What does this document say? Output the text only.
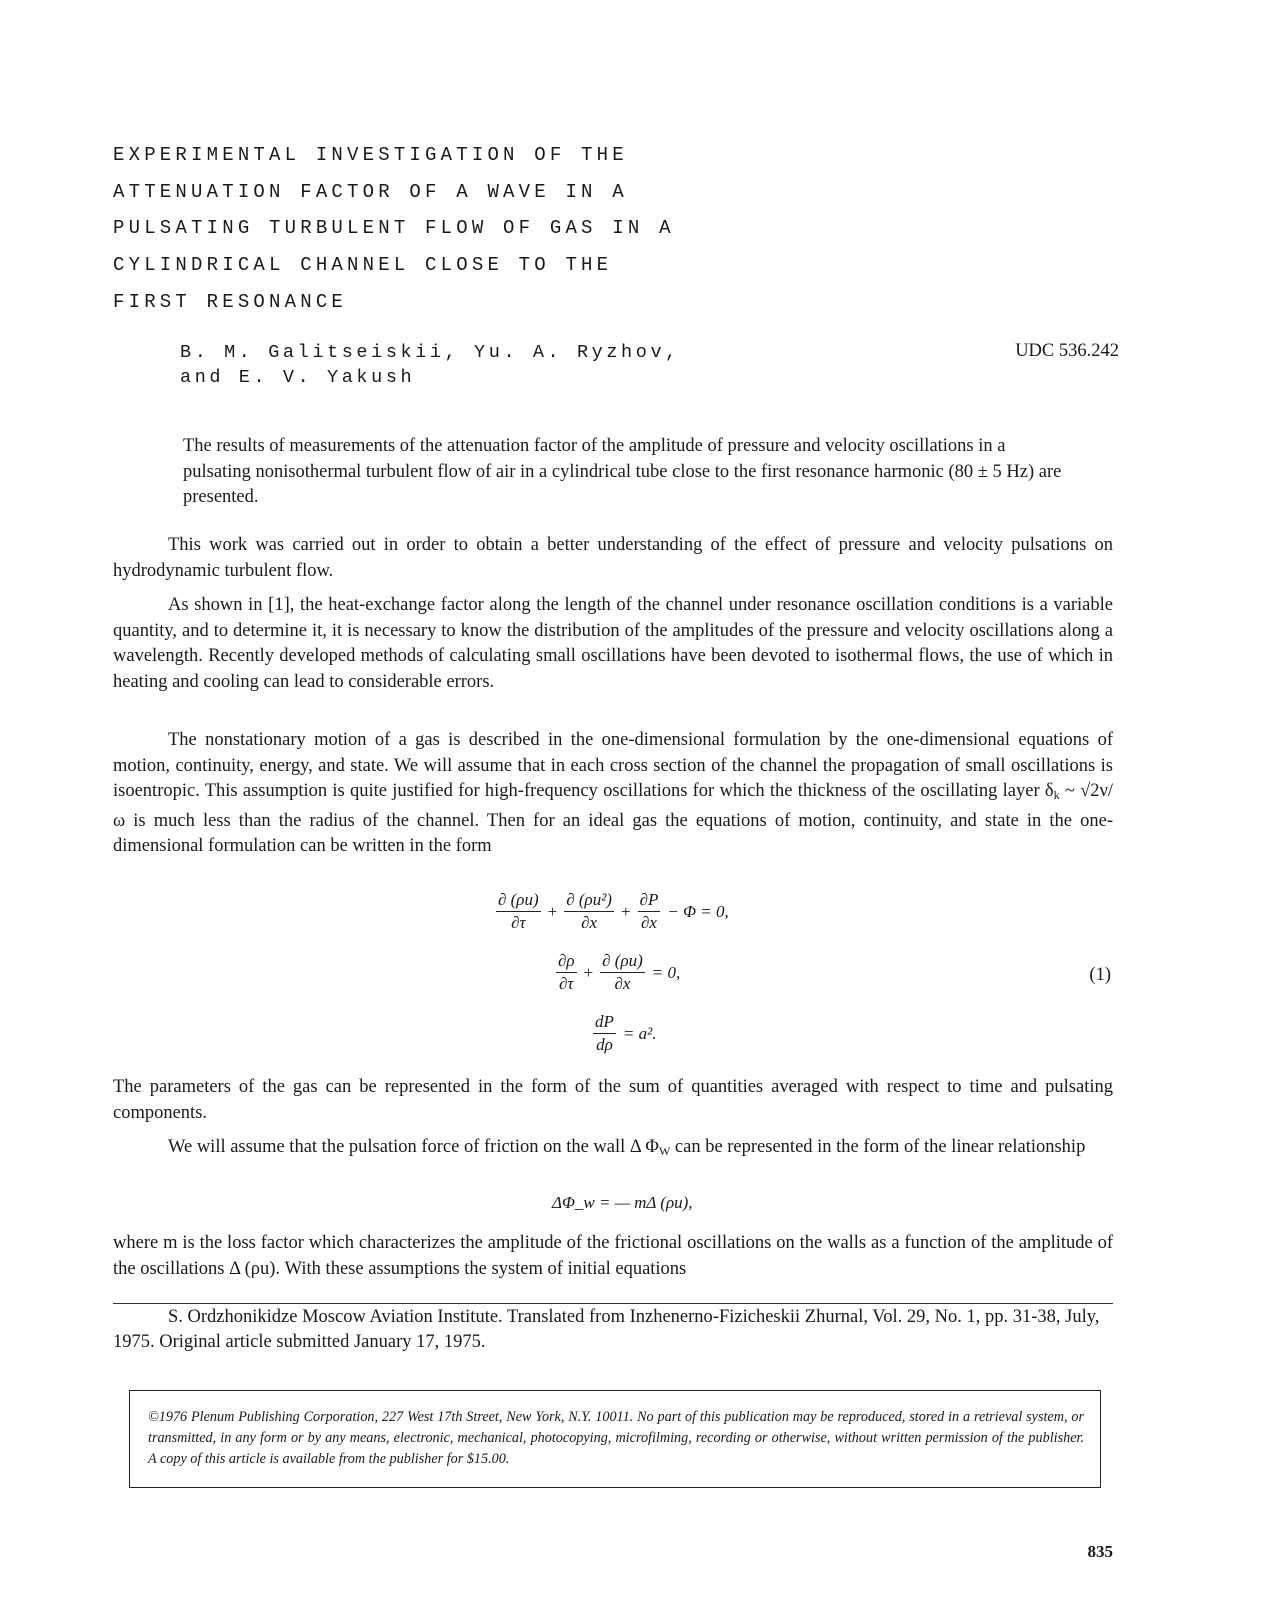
EXPERIMENTAL INVESTIGATION OF THE
ATTENUATION FACTOR OF A WAVE IN A
PULSATING TURBULENT FLOW OF GAS IN A
CYLINDRICAL CHANNEL CLOSE TO THE
FIRST RESONANCE
B. M. Galitseiskii, Yu. A. Ryzhov,
and E. V. Yakush
UDC 536.242
The results of measurements of the attenuation factor of the amplitude of pressure and velocity oscillations in a pulsating nonisothermal turbulent flow of air in a cylindrical tube close to the first resonance harmonic (80 ± 5 Hz) are presented.
This work was carried out in order to obtain a better understanding of the effect of pressure and velocity pulsations on hydrodynamic turbulent flow.
As shown in [1], the heat-exchange factor along the length of the channel under resonance oscillation conditions is a variable quantity, and to determine it, it is necessary to know the distribution of the amplitudes of the pressure and velocity oscillations along a wavelength. Recently developed methods of calculating small oscillations have been devoted to isothermal flows, the use of which in heating and cooling can lead to considerable errors.
The nonstationary motion of a gas is described in the one-dimensional formulation by the one-dimensional equations of motion, continuity, energy, and state. We will assume that in each cross section of the channel the propagation of small oscillations is isoentropic. This assumption is quite justified for high-frequency oscillations for which the thickness of the oscillating layer $\delta_k$ ~ √2ν/ω is much less than the radius of the channel. Then for an ideal gas the equations of motion, continuity, and state in the one-dimensional formulation can be written in the form
$\frac{\partial (\rho u)}{\partial\tau} + \frac{\text{∂ (ρu²)}}{\partial x} + \frac{\partial P}{\partial x} - \Phi = 0$,
$\frac{\partial\rho}{\partial\tau} + \frac{\partial (\rho u)}{\partial x} = 0$,
$\frac{dP}{d\rho} = a^2$.
(1)
The parameters of the gas can be represented in the form of the sum of quantities averaged with respect to time and pulsating components.
We will assume that the pulsation force of friction on the wall Δ $\Phi_W$ can be represented in the form of the linear relationship
ΔΦ_w = — mΔ (ρu),
where m is the loss factor which characterizes the amplitude of the frictional oscillations on the walls as a function of the amplitude of the oscillations Δ (ρu). With these assumptions the system of initial equations
S. Ordzhonikidze Moscow Aviation Institute. Translated from Inzhenerno-Fizicheskii Zhurnal, Vol. 29, No. 1, pp. 31-38, July, 1975. Original article submitted January 17, 1975.
©1976 Plenum Publishing Corporation, 227 West 17th Street, New York, N.Y. 10011. No part of this publication may be reproduced, stored in a retrieval system, or transmitted, in any form or by any means, electronic, mechanical, photocopying, microfilming, recording or otherwise, without written permission of the publisher. A copy of this article is available from the publisher for $15.00.
835
